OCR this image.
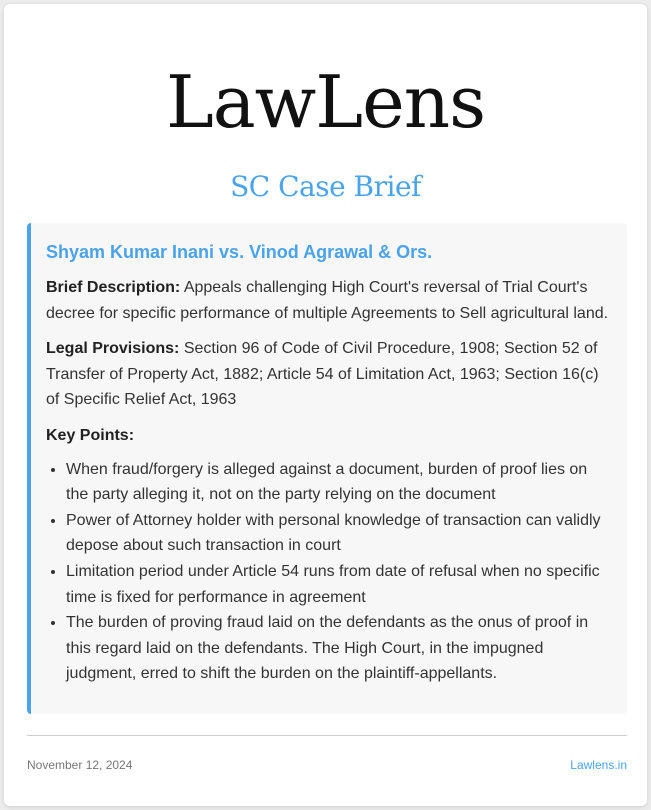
LawLens
SC Case Brief
Shyam Kumar Inani vs. Vinod Agrawal & Ors.

Brief Description: Appeals challenging High Court's reversal of Trial Court's decree for specific performance of multiple Agreements to Sell agricultural land.

Legal Provisions: Section 96 of Code of Civil Procedure, 1908; Section 52 of Transfer of Property Act, 1882; Article 54 of Limitation Act, 1963; Section 16(c) of Specific Relief Act, 1963

Key Points:
• When fraud/forgery is alleged against a document, burden of proof lies on the party alleging it, not on the party relying on the document
• Power of Attorney holder with personal knowledge of transaction can validly depose about such transaction in court
• Limitation period under Article 54 runs from date of refusal when no specific time is fixed for performance in agreement
• The burden of proving fraud laid on the defendants as the onus of proof in this regard laid on the defendants. The High Court, in the impugned judgment, erred to shift the burden on the plaintiff-appellants.
November 12, 2024	Lawlens.in
